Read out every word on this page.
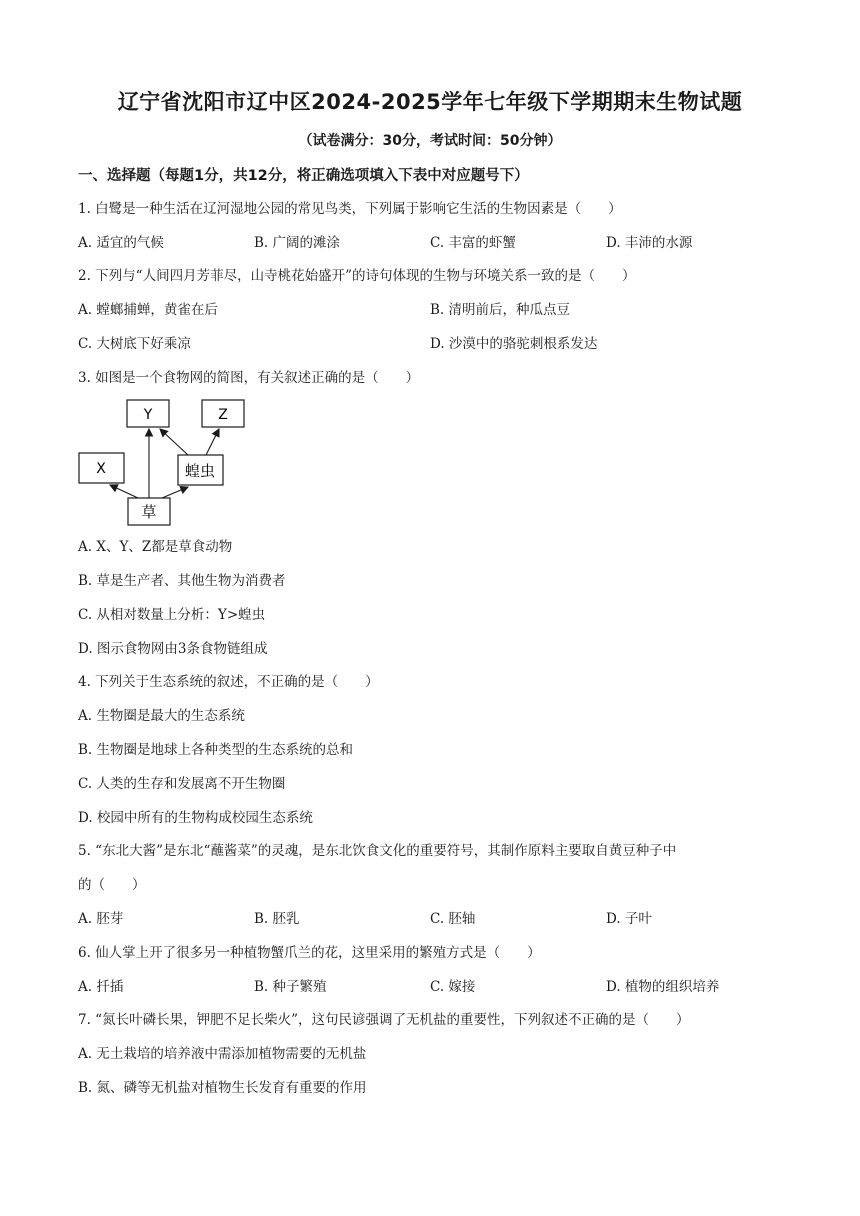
辽宁省沈阳市辽中区2024-2025学年七年级下学期期末生物试题
（试卷满分：30分，考试时间：50分钟）
一、选择题（每题1分，共12分，将正确选项填入下表中对应题号下）
1. 白鹭是一种生活在辽河湿地公园的常见鸟类，下列属于影响它生活的生物因素是（　　）
A. 适宜的气候	B. 广阔的滩涂	C. 丰富的虾蟹	D. 丰沛的水源
2. 下列与“人间四月芳菲尽，山寺桃花始盛开”的诗句体现的生物与环境关系一致的是（　　）
A. 螳螂捕蝉，黄雀在后	B. 清明前后，种瓜点豆
C. 大树底下好乘凉	D. 沙漠中的骆驼刺根系发达
3. 如图是一个食物网的简图，有关叙述正确的是（　　）
Y	Z
X	蝗虫
草
A. X、Y、Z都是草食动物
B. 草是生产者、其他生物为消费者
C. 从相对数量上分析：Y>蝗虫
D. 图示食物网由3条食物链组成
4. 下列关于生态系统的叙述，不正确的是（　　）
A. 生物圈是最大的生态系统
B. 生物圈是地球上各种类型的生态系统的总和
C. 人类的生存和发展离不开生物圈
D. 校园中所有的生物构成校园生态系统
5. “东北大酱”是东北“蘸酱菜”的灵魂，是东北饮食文化的重要符号，其制作原料主要取自黄豆种子中
的（　　）
A. 胚芽	B. 胚乳	C. 胚轴	D. 子叶
6. 仙人掌上开了很多另一种植物蟹爪兰的花，这里采用的繁殖方式是（　　）
A. 扦插	B. 种子繁殖	C. 嫁接	D. 植物的组织培养
7. “氮长叶磷长果，钾肥不足长柴火”，这句民谚强调了无机盐的重要性，下列叙述不正确的是（　　）
A. 无土栽培的培养液中需添加植物需要的无机盐
B. 氮、磷等无机盐对植物生长发育有重要的作用
